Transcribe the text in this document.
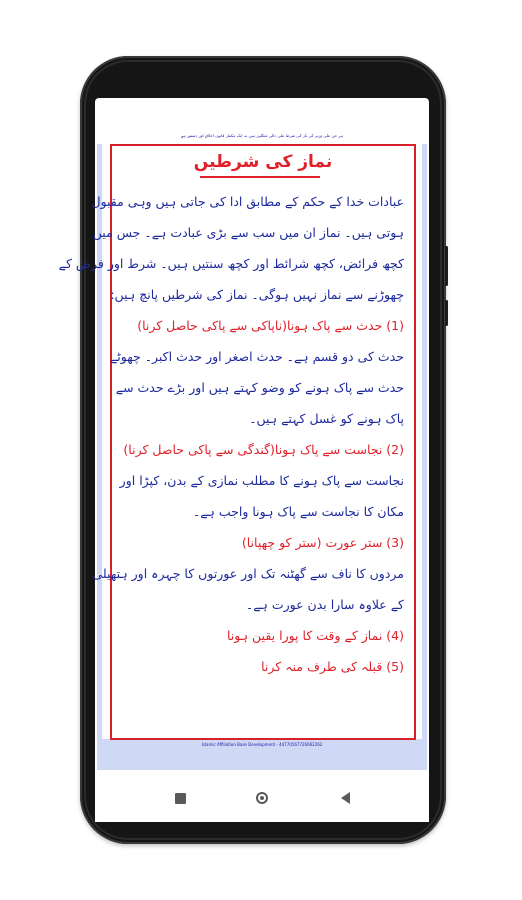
ہر جن علی وزیر کی ناز کی شرط علی دالی شکلیں ہیں یہ ایک مکمل قانون اخلاق اور دستور ہے
نماز کی شرطیں
عبادات خدا کے حکم کے مطابق ادا کی جاتی ہیں وہی مقبول
ہوتی ہیں۔ نماز ان میں سب سے بڑی عبادت ہے۔ جس میں
کچھ فرائض، کچھ شرائط اور کچھ سنتیں ہیں۔ شرط اور فرض کے
چھوڑنے سے نماز نہیں ہوگی۔ نماز کی شرطیں پانچ ہیں:
(1) حدث سے پاک ہونا(ناپاکی سے پاکی حاصل کرنا)
حدث کی دو قسم ہے۔ حدث اصغر اور حدث اکبر۔ چھوٹے
حدث سے پاک ہونے کو وضو کہتے ہیں اور بڑے حدث سے
پاک ہونے کو غسل کہتے ہیں۔
(2) نجاست سے پاک ہونا(گندگی سے پاکی حاصل کرنا)
نجاست سے پاک ہونے کا مطلب نمازی کے بدن، کپڑا اور
مکان کا نجاست سے پاک ہونا واجب ہے۔
(3) ستر عورت (ستر کو چھپانا)
مردوں کا ناف سے گھٹنہ تک اور عورتوں کا چہرہ اور ہتھیلی
کے علاوہ سارا بدن عورت ہے۔
(4) نماز کے وقت کا پورا یقین ہونا
(5) قبلہ کی طرف منہ کرنا
Islamic Affiliation Base Development - 44770567726662262
